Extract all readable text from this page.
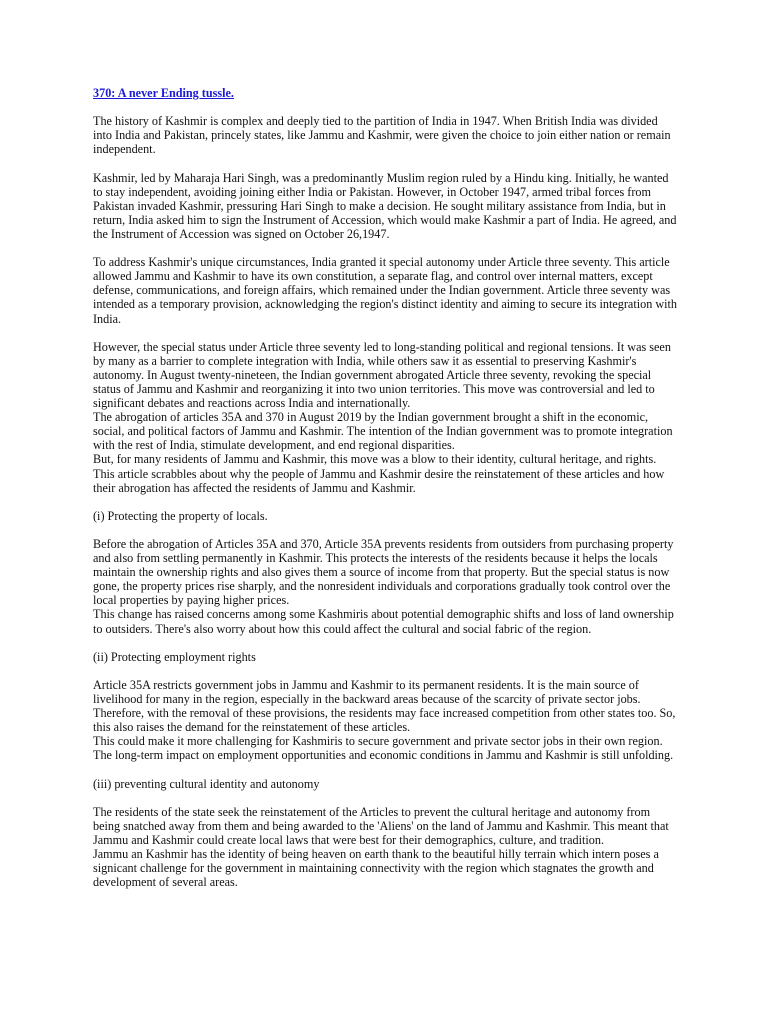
370: A never Ending tussle.

The history of Kashmir is complex and deeply tied to the partition of India in 1947. When British India was divided into India and Pakistan, princely states, like Jammu and Kashmir, were given the choice to join either nation or remain independent.

Kashmir, led by Maharaja Hari Singh, was a predominantly Muslim region ruled by a Hindu king. Initially, he wanted to stay independent, avoiding joining either India or Pakistan. However, in October 1947, armed tribal forces from Pakistan invaded Kashmir, pressuring Hari Singh to make a decision. He sought military assistance from India, but in return, India asked him to sign the Instrument of Accession, which would make Kashmir a part of India. He agreed, and the Instrument of Accession was signed on October 26,1947.

To address Kashmir's unique circumstances, India granted it special autonomy under Article three seventy. This article allowed Jammu and Kashmir to have its own constitution, a separate flag, and control over internal matters, except defense, communications, and foreign affairs, which remained under the Indian government. Article three seventy was intended as a temporary provision, acknowledging the region's distinct identity and aiming to secure its integration with India.

However, the special status under Article three seventy led to long-standing political and regional tensions. It was seen by many as a barrier to complete integration with India, while others saw it as essential to preserving Kashmir's autonomy. In August twenty-nineteen, the Indian government abrogated Article three seventy, revoking the special status of Jammu and Kashmir and reorganizing it into two union territories. This move was controversial and led to significant debates and reactions across India and internationally.

The abrogation of articles 35A and 370 in August 2019 by the Indian government brought a shift in the economic, social, and political factors of Jammu and Kashmir. The intention of the Indian government was to promote integration with the rest of India, stimulate development, and end regional disparities.

But, for many residents of Jammu and Kashmir, this move was a blow to their identity, cultural heritage, and rights. This article scrabbles about why the people of Jammu and Kashmir desire the reinstatement of these articles and how their abrogation has affected the residents of Jammu and Kashmir.

(i) Protecting the property of locals.

Before the abrogation of Articles 35A and 370, Article 35A prevents residents from outsiders from purchasing property and also from settling permanently in Kashmir. This protects the interests of the residents because it helps the locals maintain the ownership rights and also gives them a source of income from that property. But the special status is now gone, the property prices rise sharply, and the nonresident individuals and corporations gradually took control over the local properties by paying higher prices.

This change has raised concerns among some Kashmiris about potential demographic shifts and loss of land ownership to outsiders. There's also worry about how this could affect the cultural and social fabric of the region.

(ii) Protecting employment rights

Article 35A restricts government jobs in Jammu and Kashmir to its permanent residents. It is the main source of livelihood for many in the region, especially in the backward areas because of the scarcity of private sector jobs. Therefore, with the removal of these provisions, the residents may face increased competition from other states too. So, this also raises the demand for the reinstatement of these articles.

This could make it more challenging for Kashmiris to secure government and private sector jobs in their own region. The long-term impact on employment opportunities and economic conditions in Jammu and Kashmir is still unfolding.

(iii) preventing cultural identity and autonomy

The residents of the state seek the reinstatement of the Articles to prevent the cultural heritage and autonomy from being snatched away from them and being awarded to the 'Aliens' on the land of Jammu and Kashmir. This meant that Jammu and Kashmir could create local laws that were best for their demographics, culture, and tradition.

Jammu an Kashmir has the identity of being heaven on earth thank to the beautiful hilly terrain which intern poses a signicant challenge for the government in maintaining connectivity with the region which stagnates the growth and development of several areas.
